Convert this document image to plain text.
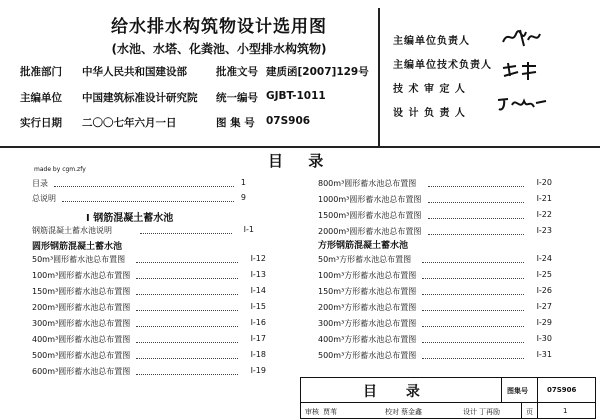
给水排水构筑物设计选用图
(水池、水塔、化粪池、小型排水构筑物)
批准部门 中华人民共和国建设部	批准文号 建质函[2007]129号
主编单位 中国建筑标准设计研究院 统一编号 GJBT-1011
实行日期 二〇〇七年六月一日	图 集 号 07S906
主编单位负责人
主编单位技术负责人
技 术 审 定 人
设 计 负 责 人
made by cgm.zfy	目 录
目录	1
总说明	9
Ⅰ 钢筋混凝土蓄水池
钢筋混凝土蓄水池说明	Ⅰ-1
圆形钢筋混凝土蓄水池
50m³圆形蓄水池总布置图	Ⅰ-12
100m³圆形蓄水池总布置图	Ⅰ-13
150m³圆形蓄水池总布置图	Ⅰ-14
200m³圆形蓄水池总布置图	Ⅰ-15
300m³圆形蓄水池总布置图	Ⅰ-16
400m³圆形蓄水池总布置图	Ⅰ-17
500m³圆形蓄水池总布置图	Ⅰ-18
600m³圆形蓄水池总布置图	Ⅰ-19
800m³圆形蓄水池总布置图	Ⅰ-20
1000m³圆形蓄水池总布置图	Ⅰ-21
1500m³圆形蓄水池总布置图	Ⅰ-22
2000m³圆形蓄水池总布置图	Ⅰ-23
方形钢筋混凝土蓄水池
50m³方形蓄水池总布置图	Ⅰ-24
100m³方形蓄水池总布置图	Ⅰ-25
150m³方形蓄水池总布置图	Ⅰ-26
200m³方形蓄水池总布置图	Ⅰ-27
300m³方形蓄水池总布置图	Ⅰ-29
400m³方形蓄水池总布置图	Ⅰ-30
500m³方形蓄水池总布置图	Ⅰ-31
目 录	图集号	07S906
审核 贾苇	校对 蔡金鑫	设计 丁再励	页	1
